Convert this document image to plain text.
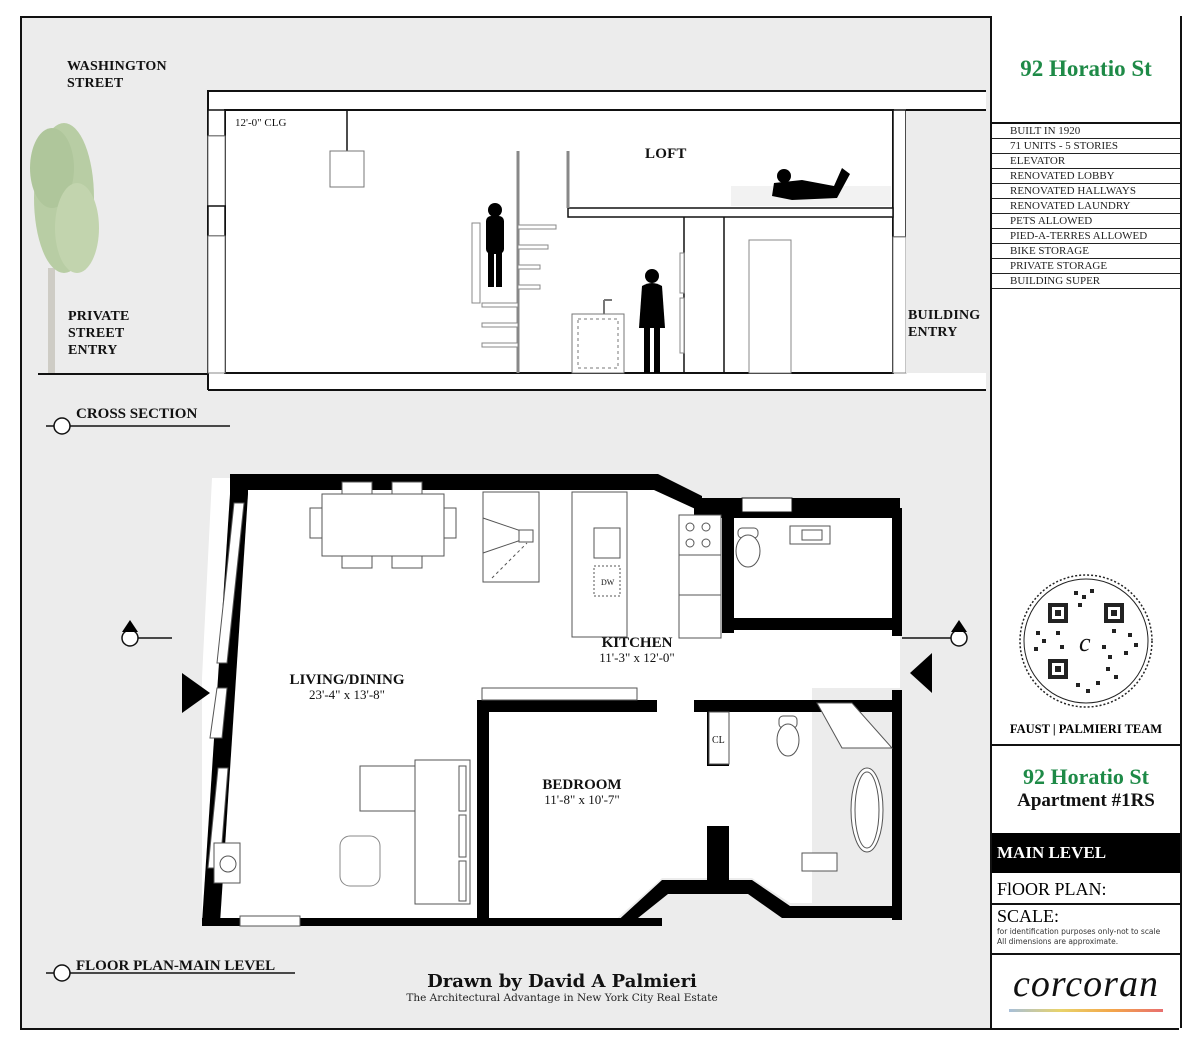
12'-0" CLG
WASHINGTON
STREET
LOFT
PRIVATE
STREET
ENTRY
BUILDING
ENTRY
CROSS SECTION
DW
CL
LIVING/DINING
23'-4" x 13'-8"
KITCHEN
11'-3" x 12'-0"
BEDROOM
11'-8" x 10'-7"
FLOOR PLAN-MAIN LEVEL
Drawn by David A Palmieri
The Architectural Advantage in New York City Real Estate
92 Horatio St
BUILT IN 1920
71 UNITS - 5 STORIES
ELEVATOR
RENOVATED LOBBY
RENOVATED HALLWAYS
RENOVATED LAUNDRY
PETS ALLOWED
PIED-A-TERRES ALLOWED
BIKE STORAGE
PRIVATE STORAGE
BUILDING SUPER
c
FAUST | PALMIERI TEAM
92 Horatio St
Apartment #1RS
MAIN LEVEL
FlOOR PLAN:
SCALE:
for identification purposes only-not to scale
All dimensions are approximate.
corcoran
